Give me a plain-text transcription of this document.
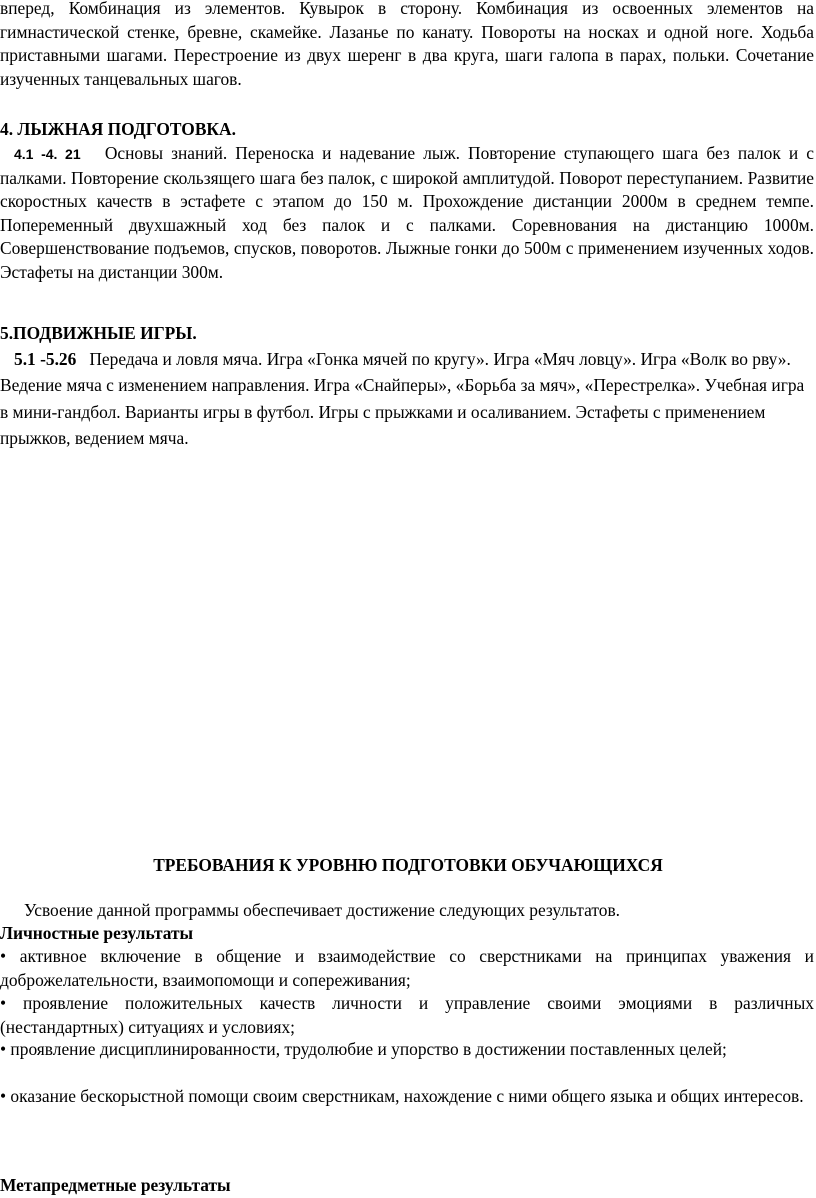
вперед, Комбинация из элементов. Кувырок в сторону. Комбинация из освоенных элементов на гимнастической стенке, бревне, скамейке. Лазанье по канату. Повороты на носках и одной ноге. Ходьба приставными шагами. Перестроение из двух шеренг в два круга, шаги галопа в парах, польки. Сочетание изученных танцевальных шагов.

4. ЛЫЖНАЯ ПОДГОТОВКА.

4.1 -4. 21 Основы знаний. Переноска и надевание лыж. Повторение ступающего шага без палок и с палками. Повторение скользящего шага без палок, с широкой амплитудой. Поворот переступанием. Развитие скоростных качеств в эстафете с этапом до 150 м. Прохождение дистанции 2000м в среднем темпе. Попеременный двухшажный ход без палок и с палками. Соревнования на дистанцию 1000м. Совершенствование подъемов, спусков, поворотов. Лыжные гонки до 500м с применением изученных ходов. Эстафеты на дистанции 300м.

5.ПОДВИЖНЫЕ ИГРЫ.

5.1 -5.26 Передача и ловля мяча. Игра «Гонка мячей по кругу». Игра «Мяч ловцу». Игра «Волк во рву». Ведение мяча с изменением направления. Игра «Снайперы», «Борьба за мяч», «Перестрелка». Учебная игра в мини-гандбол. Варианты игры в футбол. Игры с прыжками и осаливанием. Эстафеты с применением прыжков, ведением мяча.

ТРЕБОВАНИЯ К УРОВНЮ ПОДГОТОВКИ ОБУЧАЮЩИХСЯ
Усвоение данной программы обеспечивает достижение следующих результатов.
Личностные результаты

• активное включение в общение и взаимодействие со сверстниками на принципах уважения и доброжелательности, взаимопомощи и сопереживания;

• проявление положительных качеств личности и управление своими эмоциями в различных (нестандартных) ситуациях и условиях;

• проявление дисциплинированности, трудолюбие и упорство в достижении поставленных целей;

• оказание бескорыстной помощи своим сверстникам, нахождение с ними общего языка и общих интересов.

Метапредметные результаты
